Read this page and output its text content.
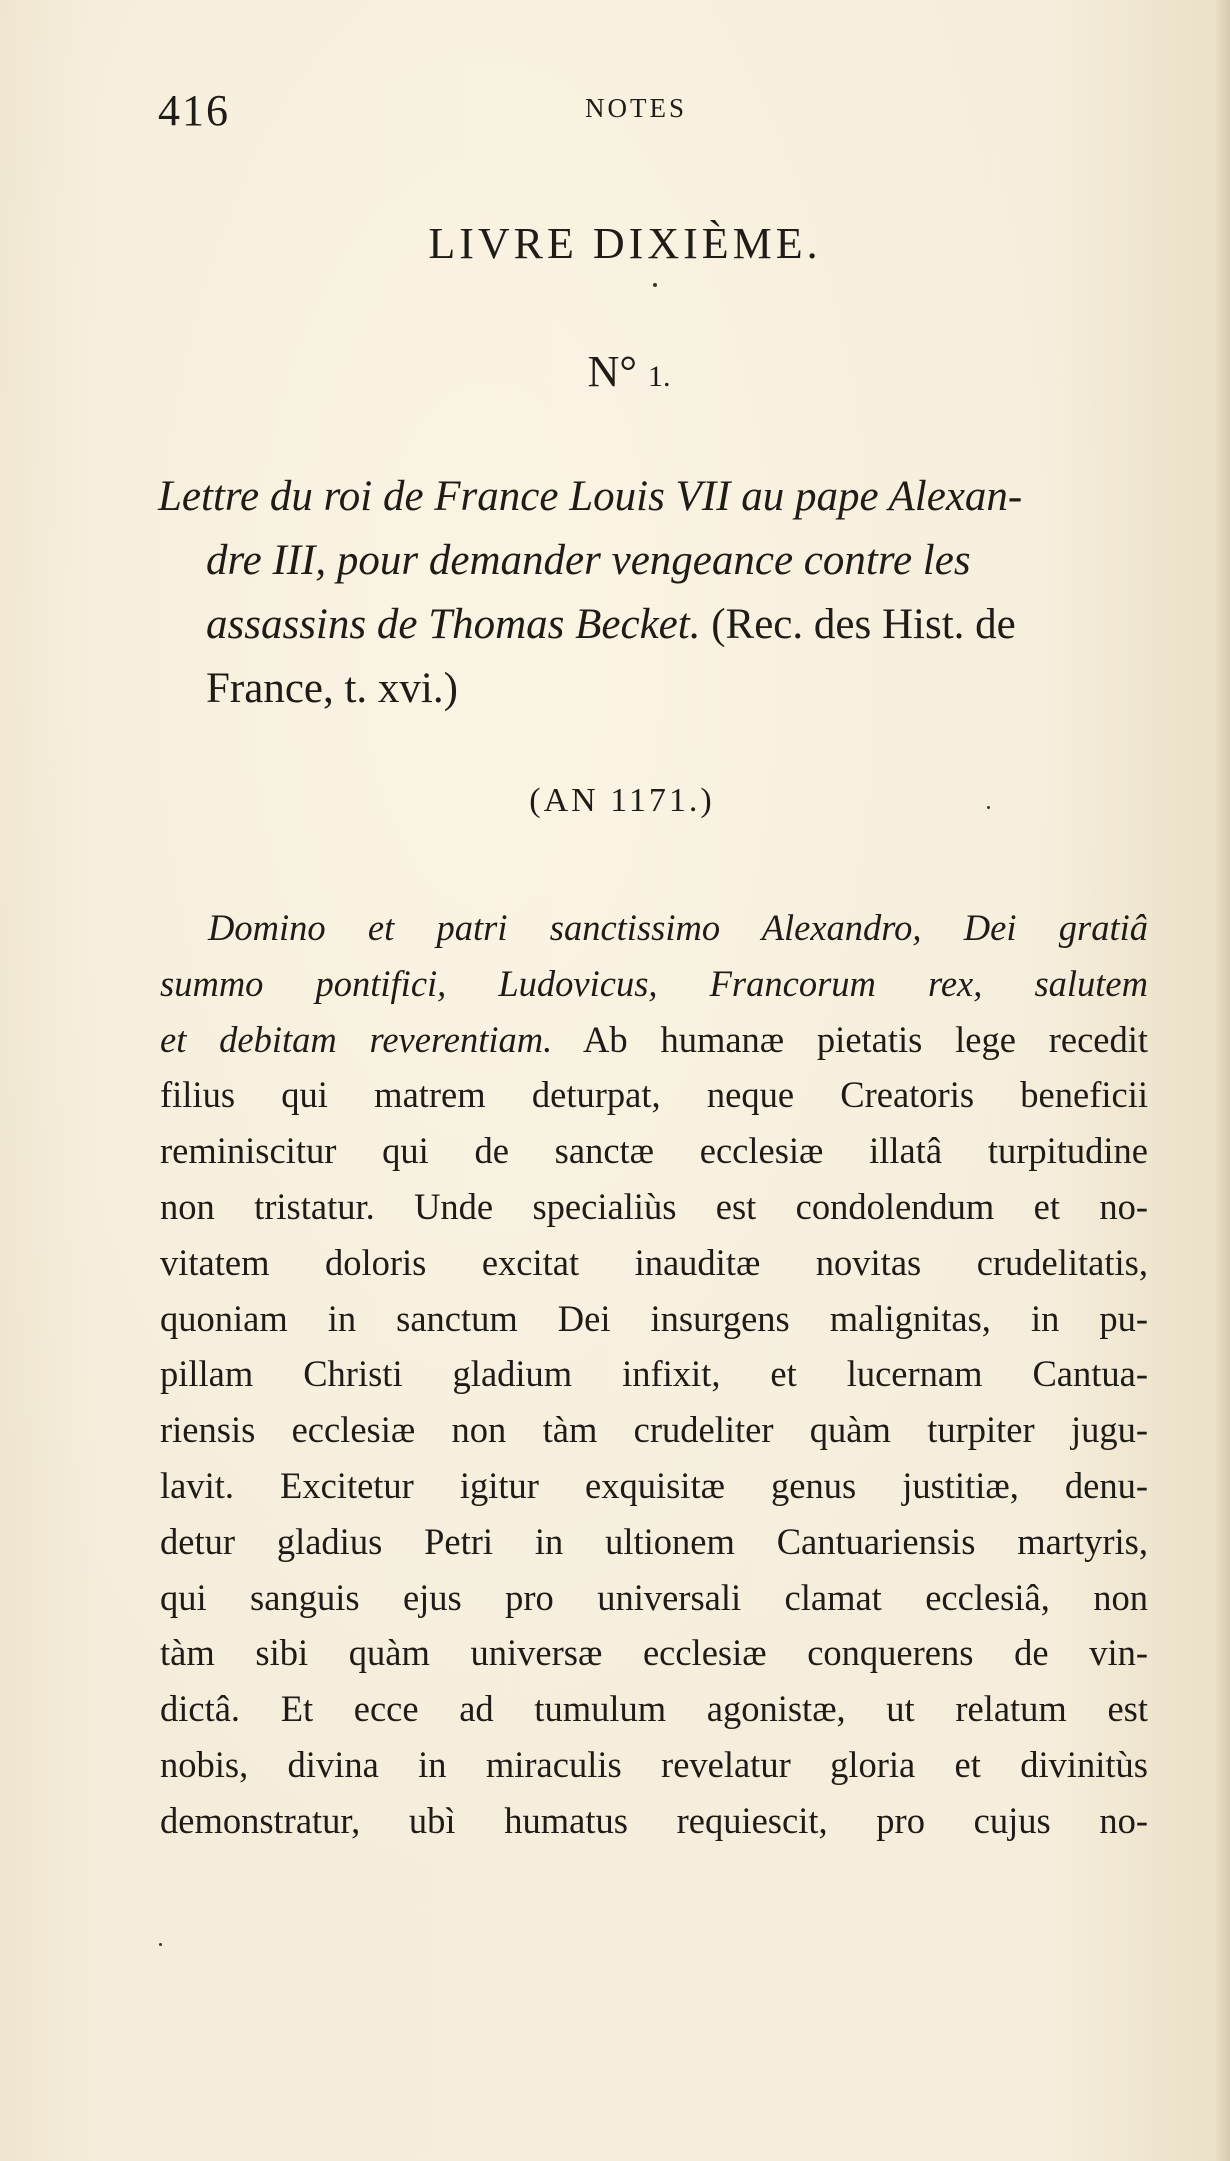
416	NOTES
LIVRE DIXIÈME.
N° 1.
Lettre du roi de France Louis VII au pape Alexan-
dre III, pour demander vengeance contre les
assassins de Thomas Becket. (Rec. des Hist. de
France, t. xvi.)
(AN 1171.)
Domino et patri sanctissimo Alexandro, Dei gratiâ
summo pontifici, Ludovicus, Francorum rex, salutem
et debitam reverentiam. Ab humanæ pietatis lege recedit
filius qui matrem deturpat, neque Creatoris beneficii
reminiscitur qui de sanctæ ecclesiæ illatâ turpitudine
non tristatur. Unde specialiùs est condolendum et no-
vitatem doloris excitat inauditæ novitas crudelitatis,
quoniam in sanctum Dei insurgens malignitas, in pu-
pillam Christi gladium infixit, et lucernam Cantua-
riensis ecclesiæ non tàm crudeliter quàm turpiter jugu-
lavit. Excitetur igitur exquisitæ genus justitiæ, denu-
detur gladius Petri in ultionem Cantuariensis martyris,
qui sanguis ejus pro universali clamat ecclesiâ, non
tàm sibi quàm universæ ecclesiæ conquerens de vin-
dictâ. Et ecce ad tumulum agonistæ, ut relatum est
nobis, divina in miraculis revelatur gloria et divinitùs
demonstratur, ubì humatus requiescit, pro cujus no-
